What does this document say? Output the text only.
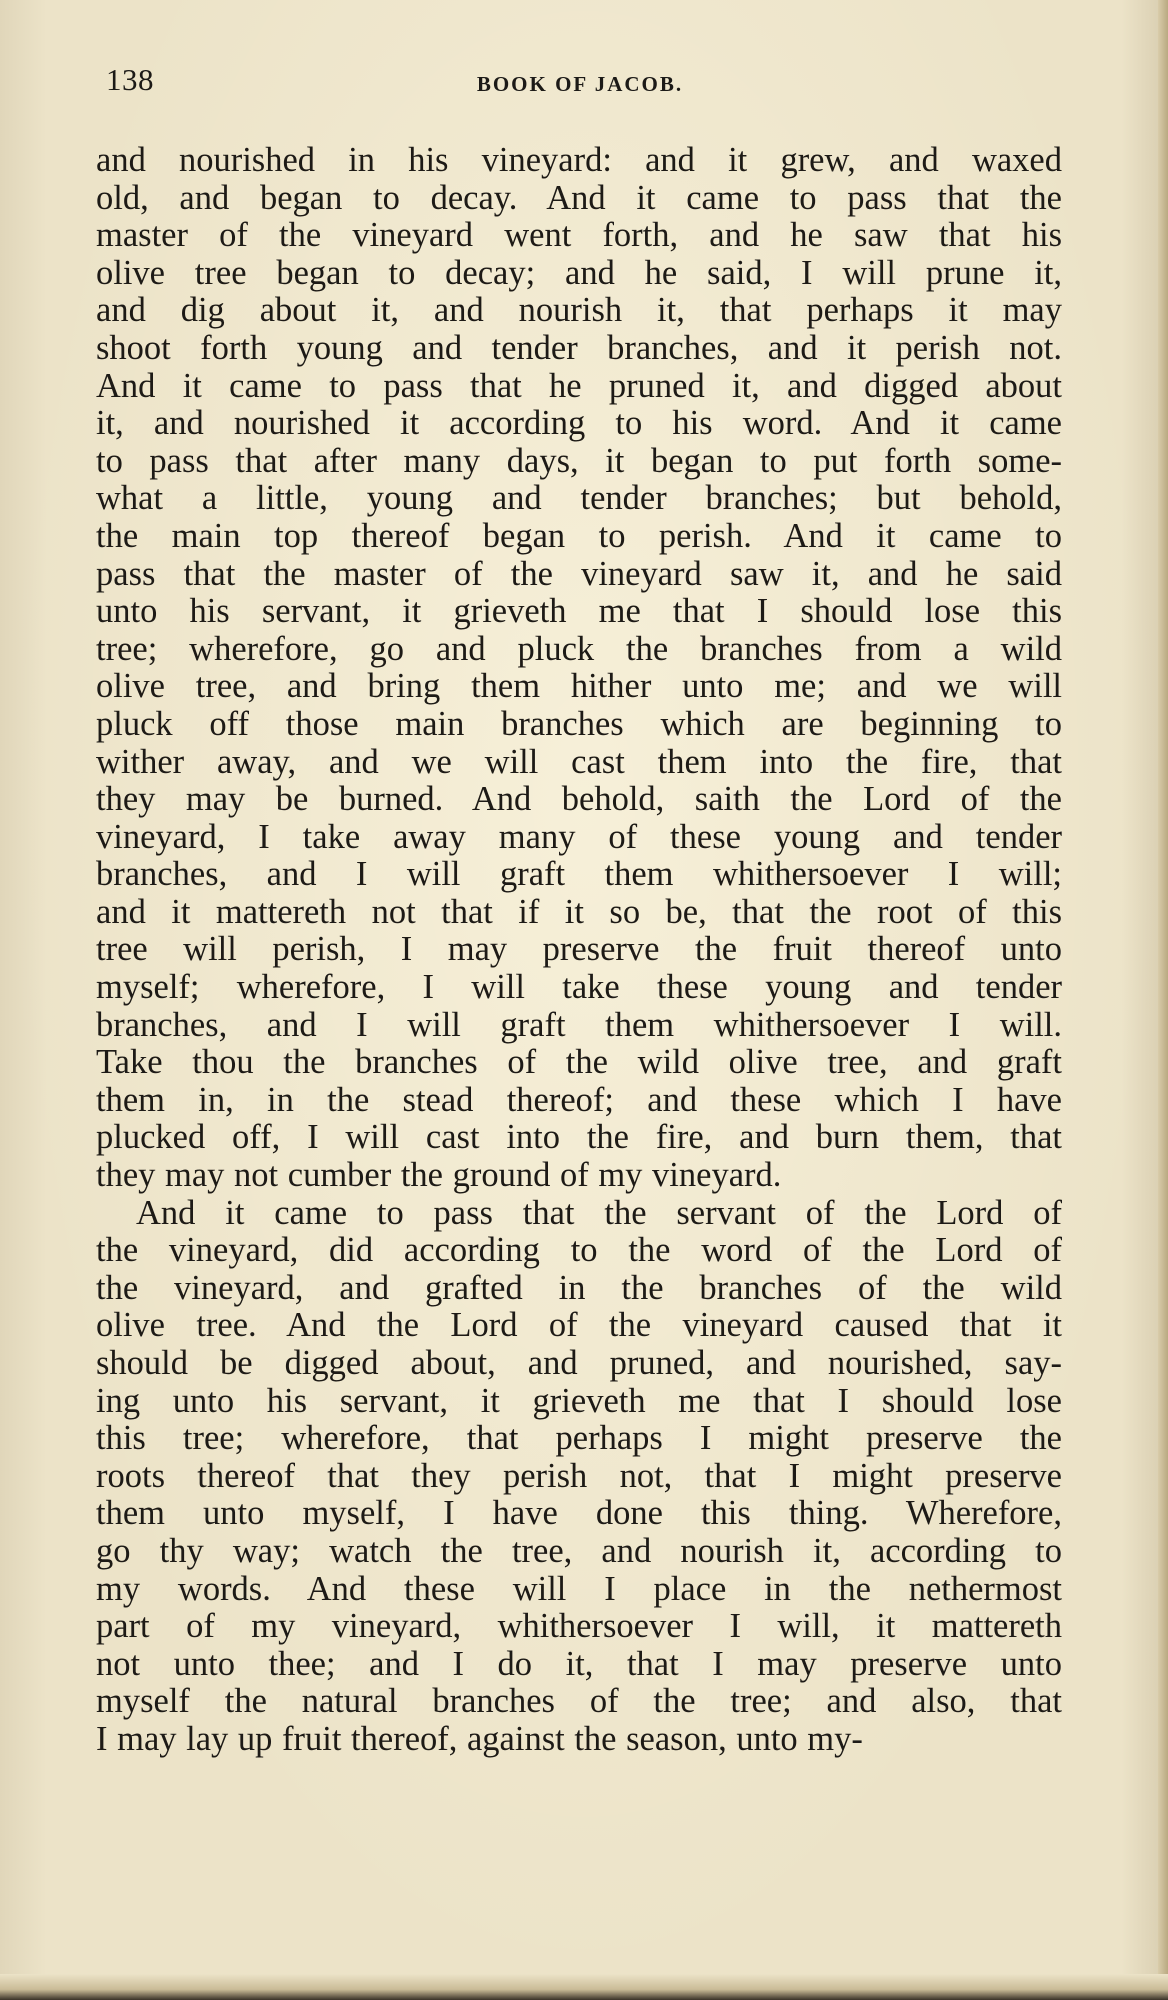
138	BOOK OF JACOB.
and nourished in his vineyard: and it grew, and waxed
old, and began to decay. And it came to pass that the
master of the vineyard went forth, and he saw that his
olive tree began to decay; and he said, I will prune it,
and dig about it, and nourish it, that perhaps it may
shoot forth young and tender branches, and it perish not.
And it came to pass that he pruned it, and digged about
it, and nourished it according to his word. And it came
to pass that after many days, it began to put forth some-
what a little, young and tender branches; but behold,
the main top thereof began to perish. And it came to
pass that the master of the vineyard saw it, and he said
unto his servant, it grieveth me that I should lose this
tree; wherefore, go and pluck the branches from a wild
olive tree, and bring them hither unto me; and we will
pluck off those main branches which are beginning to
wither away, and we will cast them into the fire, that
they may be burned. And behold, saith the Lord of the
vineyard, I take away many of these young and tender
branches, and I will graft them whithersoever I will;
and it mattereth not that if it so be, that the root of this
tree will perish, I may preserve the fruit thereof unto
myself; wherefore, I will take these young and tender
branches, and I will graft them whithersoever I will.
Take thou the branches of the wild olive tree, and graft
them in, in the stead thereof; and these which I have
plucked off, I will cast into the fire, and burn them, that
they may not cumber the ground of my vineyard.
And it came to pass that the servant of the Lord of
the vineyard, did according to the word of the Lord of
the vineyard, and grafted in the branches of the wild
olive tree. And the Lord of the vineyard caused that it
should be digged about, and pruned, and nourished, say-
ing unto his servant, it grieveth me that I should lose
this tree; wherefore, that perhaps I might preserve the
roots thereof that they perish not, that I might preserve
them unto myself, I have done this thing. Wherefore,
go thy way; watch the tree, and nourish it, according to
my words. And these will I place in the nethermost
part of my vineyard, whithersoever I will, it mattereth
not unto thee; and I do it, that I may preserve unto
myself the natural branches of the tree; and also, that
I may lay up fruit thereof, against the season, unto my-
